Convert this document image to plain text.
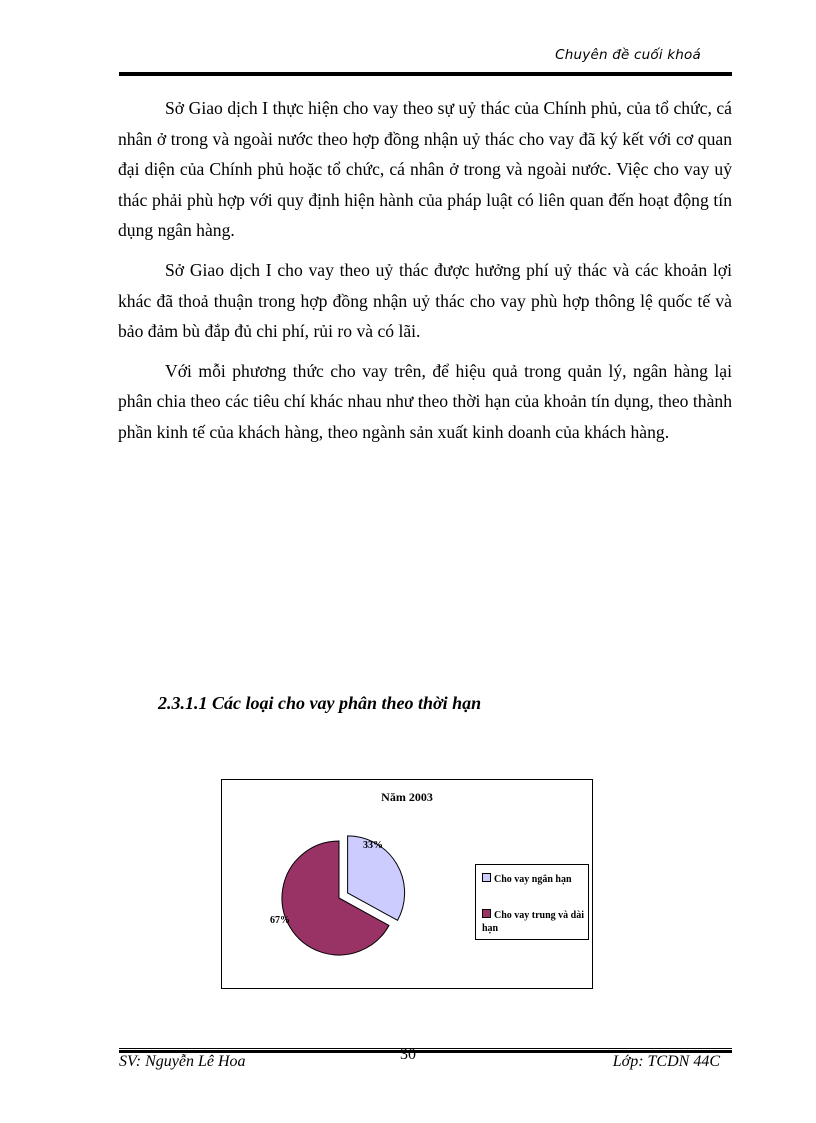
Chuyên đề cuối khoá

Sở Giao dịch I thực hiện cho vay theo sự uỷ thác của Chính phủ, của tổ chức, cá nhân ở trong và ngoài nước theo hợp đồng nhận uỷ thác cho vay đã ký kết với cơ quan đại diện của Chính phủ hoặc tổ chức, cá nhân ở trong và ngoài nước. Việc cho vay uỷ thác phải phù hợp với quy định hiện hành của pháp luật có liên quan đến hoạt động tín dụng ngân hàng.

Sở Giao dịch I cho vay theo uỷ thác được hưởng phí uỷ thác và các khoản lợi khác đã thoả thuận trong hợp đồng nhận uỷ thác cho vay phù hợp thông lệ quốc tế và bảo đảm bù đắp đủ chi phí, rủi ro và có lãi.

Với mỗi phương thức cho vay trên, để hiệu quả trong quản lý, ngân hàng lại phân chia theo các tiêu chí khác nhau như theo thời hạn của khoản tín dụng, theo thành phần kinh tế của khách hàng, theo ngành sản xuất kinh doanh của khách hàng.

2.3.1.1 Các loại cho vay phân theo thời hạn
Năm 2003
33%
67%
Cho vay ngắn hạn
Cho vay trung và dài hạn
SV: Nguyễn Lê Hoa	30	Lớp: TCDN 44C
